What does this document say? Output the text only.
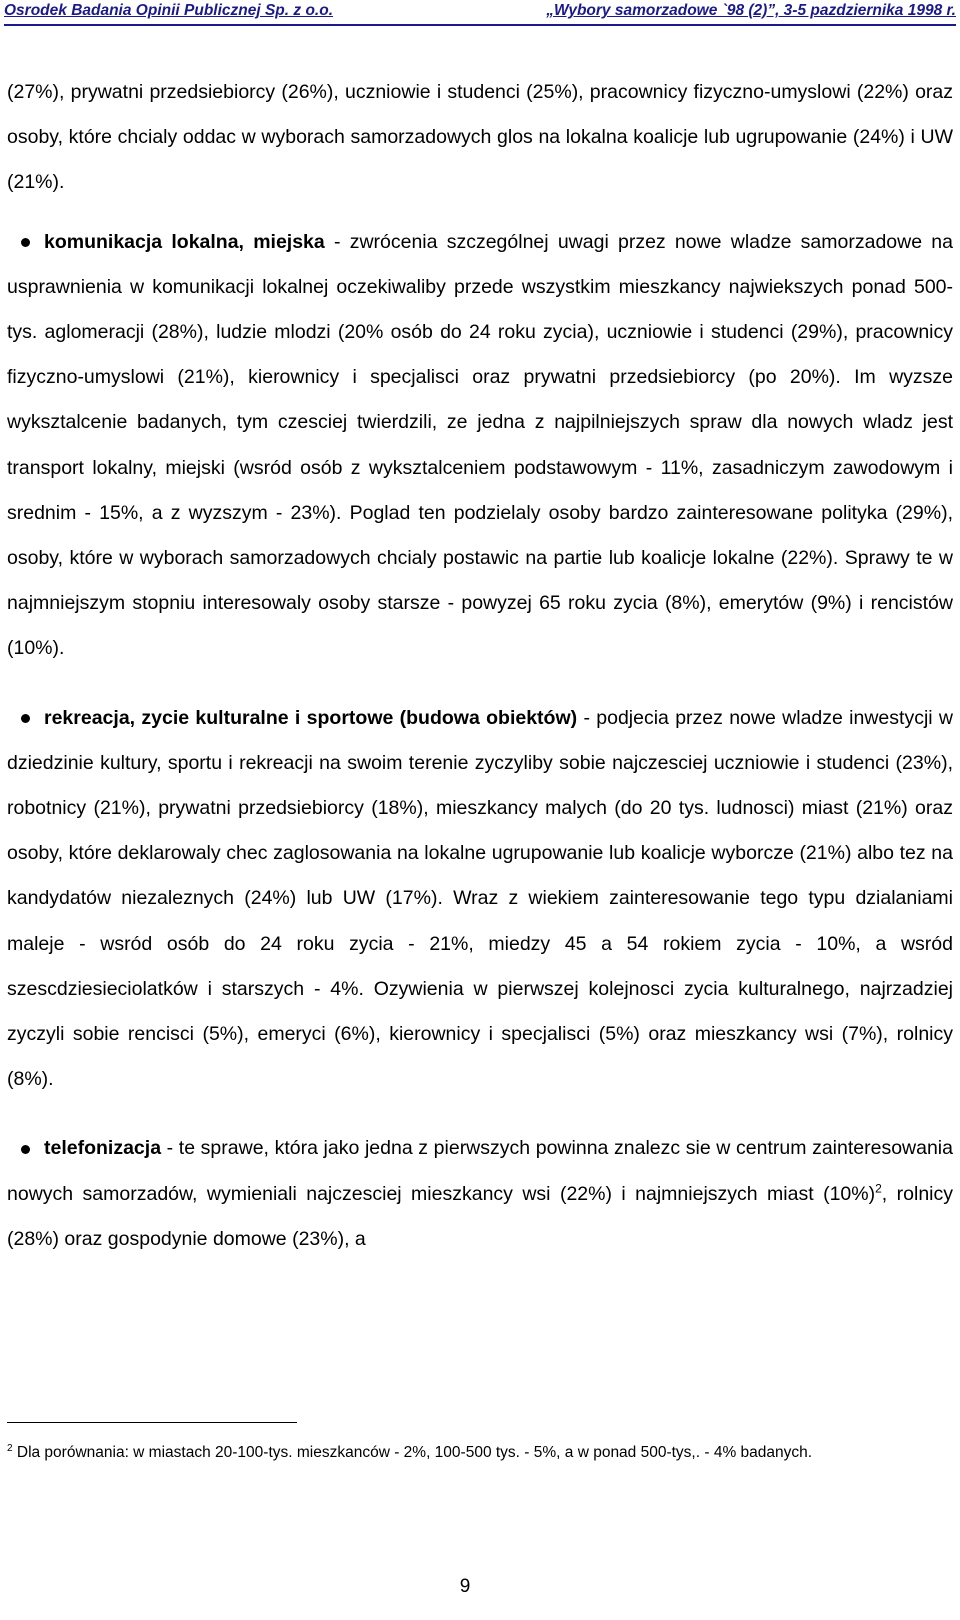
Osrodek Badania Opinii Publicznej Sp. z o.o.	„Wybory samorzadowe `98 (2)”, 3-5 pazdziernika 1998 r.

(27%), prywatni przedsiebiorcy (26%), uczniowie i studenci (25%), pracownicy fizyczno-umyslowi (22%) oraz osoby, które chcialy oddac w wyborach samorzadowych glos na lokalna koalicje lub ugrupowanie (24%) i UW (21%).

komunikacja lokalna, miejska - zwrócenia szczególnej uwagi przez nowe wladze samorzadowe na usprawnienia w komunikacji lokalnej oczekiwaliby przede wszystkim mieszkancy najwiekszych ponad 500-tys. aglomeracji (28%), ludzie mlodzi (20% osób do 24 roku zycia), uczniowie i studenci (29%), pracownicy fizyczno-umyslowi (21%), kierownicy i specjalisci oraz prywatni przedsiebiorcy (po 20%). Im wyzsze wyksztalcenie badanych, tym czesciej twierdzili, ze jedna z najpilniejszych spraw dla nowych wladz jest transport lokalny, miejski (wsród osób z wyksztalceniem podstawowym - 11%, zasadniczym zawodowym i srednim - 15%, a z wyzszym - 23%). Poglad ten podzielaly osoby bardzo zainteresowane polityka (29%), osoby, które w wyborach samorzadowych chcialy postawic na partie lub koalicje lokalne (22%). Sprawy te w najmniejszym stopniu interesowaly osoby starsze - powyzej 65 roku zycia (8%), emerytów (9%) i rencistów (10%).

rekreacja, zycie kulturalne i sportowe (budowa obiektów) - podjecia przez nowe wladze inwestycji w dziedzinie kultury, sportu i rekreacji na swoim terenie zyczyliby sobie najczesciej uczniowie i studenci (23%), robotnicy (21%), prywatni przedsiebiorcy (18%), mieszkancy malych (do 20 tys. ludnosci) miast (21%) oraz osoby, które deklarowaly chec zaglosowania na lokalne ugrupowanie lub koalicje wyborcze (21%) albo tez na kandydatów niezaleznych (24%) lub UW (17%). Wraz z wiekiem zainteresowanie tego typu dzialaniami maleje - wsród osób do 24 roku zycia - 21%, miedzy 45 a 54 rokiem zycia - 10%, a wsród szescdziesieciolatków i starszych - 4%. Ozywienia w pierwszej kolejnosci zycia kulturalnego, najrzadziej zyczyli sobie rencisci (5%), emeryci (6%), kierownicy i specjalisci (5%) oraz mieszkancy wsi (7%), rolnicy (8%).

telefonizacja - te sprawe, która jako jedna z pierwszych powinna znalezc sie w centrum zainteresowania nowych samorzadów, wymieniali najczesciej mieszkancy wsi (22%) i najmniejszych miast $(10\%)^2$, rolnicy (28%) oraz gospodynie domowe (23%), a

$^2$ Dla porównania: w miastach 20-100-tys. mieszkanców - 2%, 100-500 tys. - 5%, a w ponad 500-tys,. - 4% badanych.
9
